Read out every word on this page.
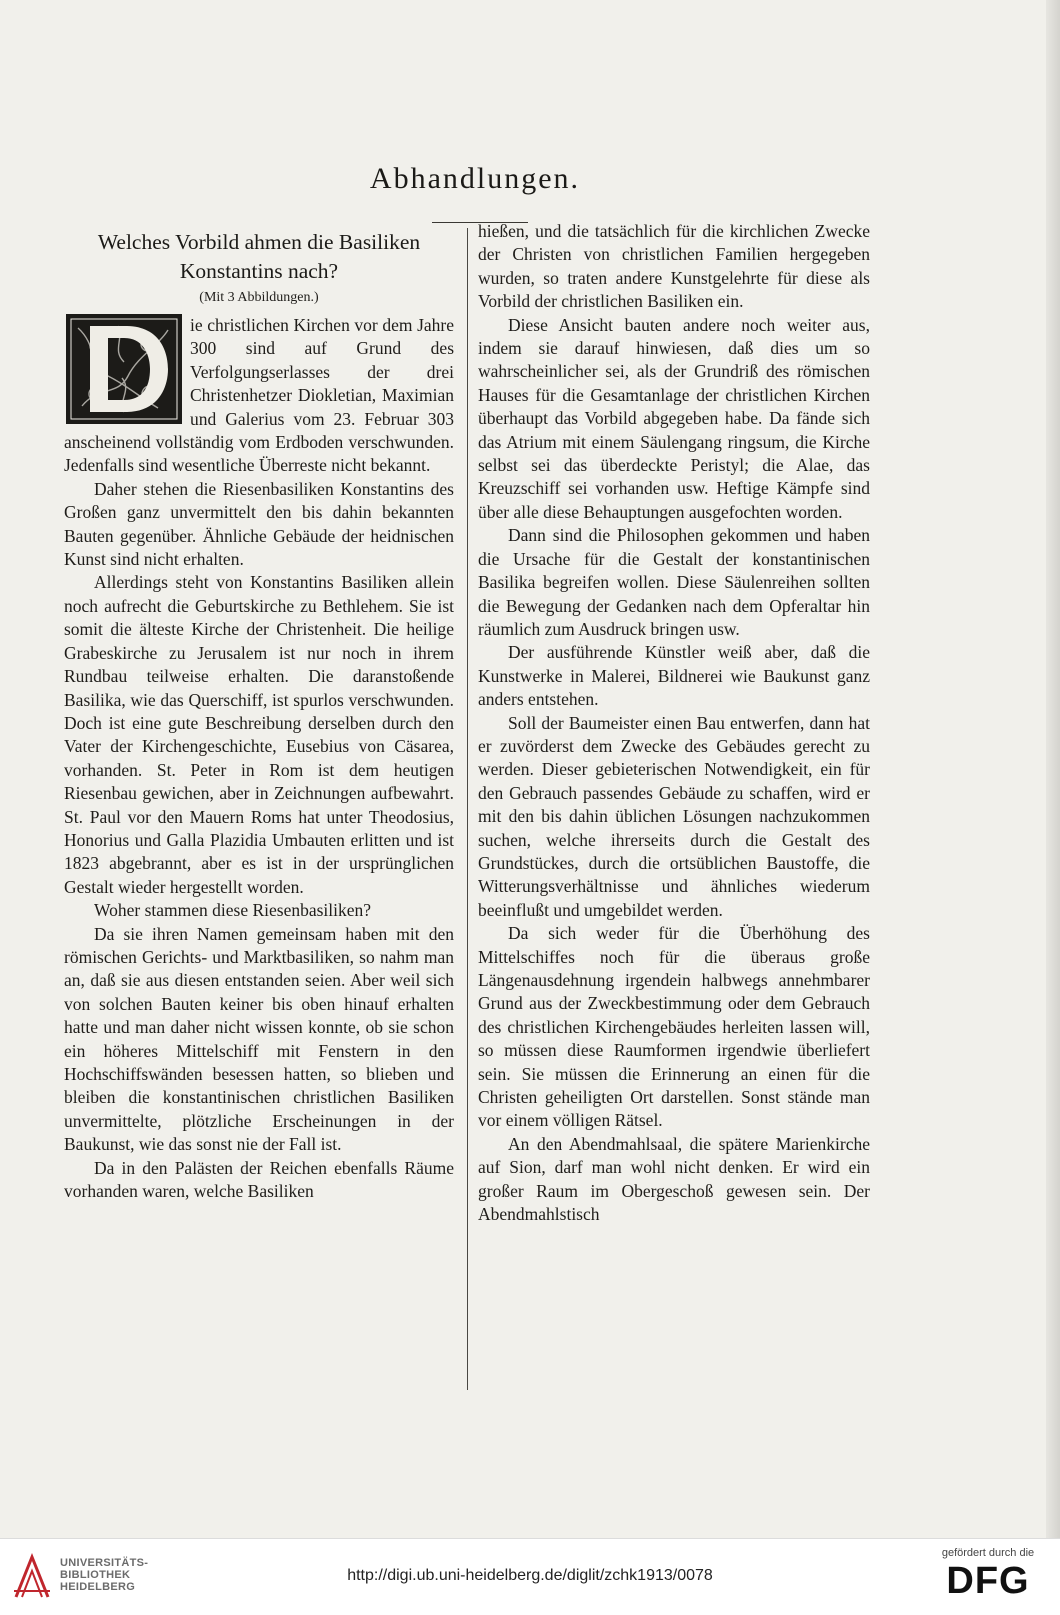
Abhandlungen.
Welches Vorbild ahmen die Basiliken Konstantins nach?
(Mit 3 Abbildungen.)

ie christlichen Kirchen vor dem Jahre 300 sind auf Grund des Verfolgungserlasses der drei Christenhetzer Diokletian, Maximian und Galerius vom 23. Februar 303 anscheinend vollständig vom Erdboden verschwunden. Jedenfalls sind wesentliche Überreste nicht bekannt.

Daher stehen die Riesenbasiliken Konstantins des Großen ganz unvermittelt den bis dahin bekannten Bauten gegenüber. Ähnliche Gebäude der heidnischen Kunst sind nicht erhalten.

Allerdings steht von Konstantins Basiliken allein noch aufrecht die Geburtskirche zu Bethlehem. Sie ist somit die älteste Kirche der Christenheit. Die heilige Grabeskirche zu Jerusalem ist nur noch in ihrem Rundbau teilweise erhalten. Die daranstoßende Basilika, wie das Querschiff, ist spurlos verschwunden. Doch ist eine gute Beschreibung derselben durch den Vater der Kirchengeschichte, Eusebius von Cäsarea, vorhanden. St. Peter in Rom ist dem heutigen Riesenbau gewichen, aber in Zeichnungen aufbewahrt. St. Paul vor den Mauern Roms hat unter Theodosius, Honorius und Galla Plazidia Umbauten erlitten und ist 1823 abgebrannt, aber es ist in der ursprünglichen Gestalt wieder hergestellt worden.

Woher stammen diese Riesenbasiliken?

Da sie ihren Namen gemeinsam haben mit den römischen Gerichts- und Marktbasiliken, so nahm man an, daß sie aus diesen entstanden seien. Aber weil sich von solchen Bauten keiner bis oben hinauf erhalten hatte und man daher nicht wissen konnte, ob sie schon ein höheres Mittelschiff mit Fenstern in den Hochschiffswänden besessen hatten, so blieben und bleiben die konstantinischen christlichen Basiliken unvermittelte, plötzliche Erscheinungen in der Baukunst, wie das sonst nie der Fall ist.

Da in den Palästen der Reichen ebenfalls Räume vorhanden waren, welche Basiliken

hießen, und die tatsächlich für die kirchlichen Zwecke der Christen von christlichen Familien hergegeben wurden, so traten andere Kunstgelehrte für diese als Vorbild der christlichen Basiliken ein.

Diese Ansicht bauten andere noch weiter aus, indem sie darauf hinwiesen, daß dies um so wahrscheinlicher sei, als der Grundriß des römischen Hauses für die Gesamtanlage der christlichen Kirchen überhaupt das Vorbild abgegeben habe. Da fände sich das Atrium mit einem Säulengang ringsum, die Kirche selbst sei das überdeckte Peristyl; die Alae, das Kreuzschiff sei vorhanden usw. Heftige Kämpfe sind über alle diese Behauptungen ausgefochten worden.

Dann sind die Philosophen gekommen und haben die Ursache für die Gestalt der konstantinischen Basilika begreifen wollen. Diese Säulenreihen sollten die Bewegung der Gedanken nach dem Opferaltar hin räumlich zum Ausdruck bringen usw.

Der ausführende Künstler weiß aber, daß die Kunstwerke in Malerei, Bildnerei wie Baukunst ganz anders entstehen.

Soll der Baumeister einen Bau entwerfen, dann hat er zuvörderst dem Zwecke des Gebäudes gerecht zu werden. Dieser gebieterischen Notwendigkeit, ein für den Gebrauch passendes Gebäude zu schaffen, wird er mit den bis dahin üblichen Lösungen nachzukommen suchen, welche ihrerseits durch die Gestalt des Grundstückes, durch die ortsüblichen Baustoffe, die Witterungsverhältnisse und ähnliches wiederum beeinflußt und umgebildet werden.

Da sich weder für die Überhöhung des Mittelschiffes noch für die überaus große Längenausdehnung irgendein halbwegs annehmbarer Grund aus der Zweckbestimmung oder dem Gebrauch des christlichen Kirchengebäudes herleiten lassen will, so müssen diese Raumformen irgendwie überliefert sein. Sie müssen die Erinnerung an einen für die Christen geheiligten Ort darstellen. Sonst stände man vor einem völligen Rätsel.

An den Abendmahlsaal, die spätere Marienkirche auf Sion, darf man wohl nicht denken. Er wird ein großer Raum im Obergeschoß gewesen sein. Der Abendmahlstisch

UNIVERSITÄTS-
BIBLIOTHEK
HEIDELBERG
http://digi.ub.uni-heidelberg.de/diglit/zchk1913/0078
gefördert durch die
DFG
